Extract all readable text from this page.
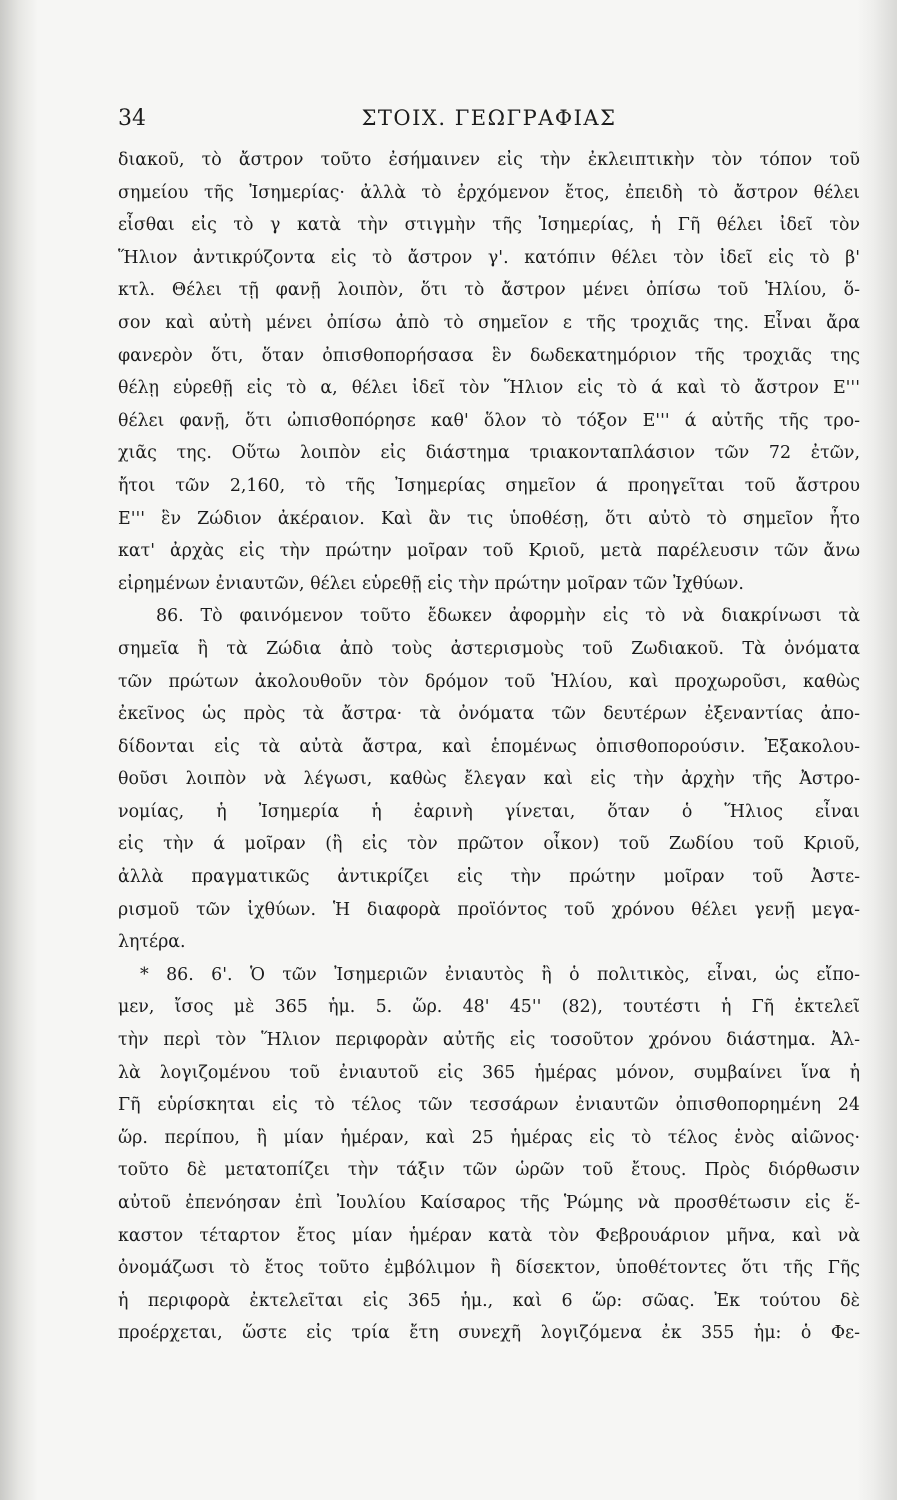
34	ΣΤΟΙΧ. ΓΕΩΓΡΑΦΙΑΣ
διακοῦ, τὸ ἄστρον τοῦτο ἐσήμαινεν εἰς τὴν ἐκλειπτικὴν τὸν τόπον τοῦ
σημείου τῆς Ἰσημερίας· ἀλλὰ τὸ ἐρχόμενον ἔτος, ἐπειδὴ τὸ ἄστρον θέλει
εἶσθαι εἰς τὸ γ κατὰ τὴν στιγμὴν τῆς Ἰσημερίας, ἡ Γῆ θέλει ἰδεῖ τὸν
Ἥλιον ἀντικρύζοντα εἰς τὸ ἄστρον γ'. κατόπιν θέλει τὸν ἰδεῖ εἰς τὸ β'
κτλ. Θέλει τῇ φανῇ λοιπὸν, ὅτι τὸ ἄστρον μένει ὀπίσω τοῦ Ἡλίου, ὅ-
σον καὶ αὐτὴ μένει ὀπίσω ἀπὸ τὸ σημεῖον ε τῆς τροχιᾶς της. Εἶναι ἄρα
φανερὸν ὅτι, ὅταν ὀπισθοπορήσασα ἓν δωδεκατημόριον τῆς τροχιᾶς της
θέλῃ εὑρεθῇ εἰς τὸ α, θέλει ἰδεῖ τὸν Ἥλιον εἰς τὸ ά καὶ τὸ ἄστρον Ε'''
θέλει φανῇ, ὅτι ὠπισθοπόρησε καθ' ὅλον τὸ τόξον Ε''' ά αὐτῆς τῆς τρο-
χιᾶς της. Οὕτω λοιπὸν εἰς διάστημα τριακονταπλάσιον τῶν 72 ἐτῶν,
ἤτοι τῶν 2,160, τὸ τῆς Ἰσημερίας σημεῖον ά προηγεῖται τοῦ ἄστρου
Ε''' ἓν Ζώδιον ἀκέραιον. Καὶ ἂν τις ὑποθέσῃ, ὅτι αὐτὸ τὸ σημεῖον ἦτο
κατ' ἀρχὰς εἰς τὴν πρώτην μοῖραν τοῦ Κριοῦ, μετὰ παρέλευσιν τῶν ἄνω
εἰρημένων ἐνιαυτῶν, θέλει εὑρεθῇ εἰς τὴν πρώτην μοῖραν τῶν Ἰχθύων.
86. Τὸ φαινόμενον τοῦτο ἔδωκεν ἀφορμὴν εἰς τὸ νὰ διακρίνωσι τὰ
σημεῖα ἢ τὰ Ζώδια ἀπὸ τοὺς ἀστερισμοὺς τοῦ Ζωδιακοῦ. Τὰ ὀνόματα
τῶν πρώτων ἀκολουθοῦν τὸν δρόμον τοῦ Ἡλίου, καὶ προχωροῦσι, καθὼς
ἐκεῖνος ὡς πρὸς τὰ ἄστρα· τὰ ὀνόματα τῶν δευτέρων ἐξεναντίας ἀπο-
δίδονται εἰς τὰ αὐτὰ ἄστρα, καὶ ἑπομένως ὀπισθοπορούσιν. Ἐξακολου-
θοῦσι λοιπὸν νὰ λέγωσι, καθὼς ἔλεγαν καὶ εἰς τὴν ἀρχὴν τῆς Ἀστρο-
νομίας, ἡ Ἰσημερία ἡ ἐαρινὴ γίνεται, ὅταν ὁ Ἥλιος εἶναι
εἰς τὴν ά μοῖραν (ἢ εἰς τὸν πρῶτον οἶκον) τοῦ Ζωδίου τοῦ Κριοῦ,
ἀλλὰ πραγματικῶς ἀντικρίζει εἰς τὴν πρώτην μοῖραν τοῦ Ἀστε-
ρισμοῦ τῶν ἰχθύων. Ἡ διαφορὰ προϊόντος τοῦ χρόνου θέλει γενῇ μεγα-
λητέρα.
* 86. 6'. Ὁ τῶν Ἰσημεριῶν ἐνιαυτὸς ἢ ὁ πολιτικὸς, εἶναι, ὡς εἴπο-
μεν, ἴσος μὲ 365 ἡμ. 5. ὥρ. 48' 45'' (82), τουτέστι ἡ Γῆ ἐκτελεῖ
τὴν περὶ τὸν Ἥλιον περιφορὰν αὐτῆς εἰς τοσοῦτον χρόνου διάστημα. Ἀλ-
λὰ λογιζομένου τοῦ ἐνιαυτοῦ εἰς 365 ἡμέρας μόνον, συμβαίνει ἵνα ἡ
Γῆ εὑρίσκηται εἰς τὸ τέλος τῶν τεσσάρων ἐνιαυτῶν ὀπισθοπορημένη 24
ὥρ. περίπου, ἢ μίαν ἡμέραν, καὶ 25 ἡμέρας εἰς τὸ τέλος ἑνὸς αἰῶνος·
τοῦτο δὲ μετατοπίζει τὴν τάξιν τῶν ὡρῶν τοῦ ἔτους. Πρὸς διόρθωσιν
αὐτοῦ ἐπενόησαν ἐπὶ Ἰουλίου Καίσαρος τῆς Ῥώμης νὰ προσθέτωσιν εἰς ἕ-
καστον τέταρτον ἔτος μίαν ἡμέραν κατὰ τὸν Φεβρουάριον μῆνα, καὶ νὰ
ὀνομάζωσι τὸ ἔτος τοῦτο ἐμβόλιμον ἢ δίσεκτον, ὑποθέτοντες ὅτι τῆς Γῆς
ἡ περιφορὰ ἐκτελεῖται εἰς 365 ἡμ., καὶ 6 ὥρ: σῶας. Ἐκ τούτου δὲ
προέρχεται, ὥστε εἰς τρία ἔτη συνεχῆ λογιζόμενα ἐκ 355 ἡμ: ὁ Φε-
